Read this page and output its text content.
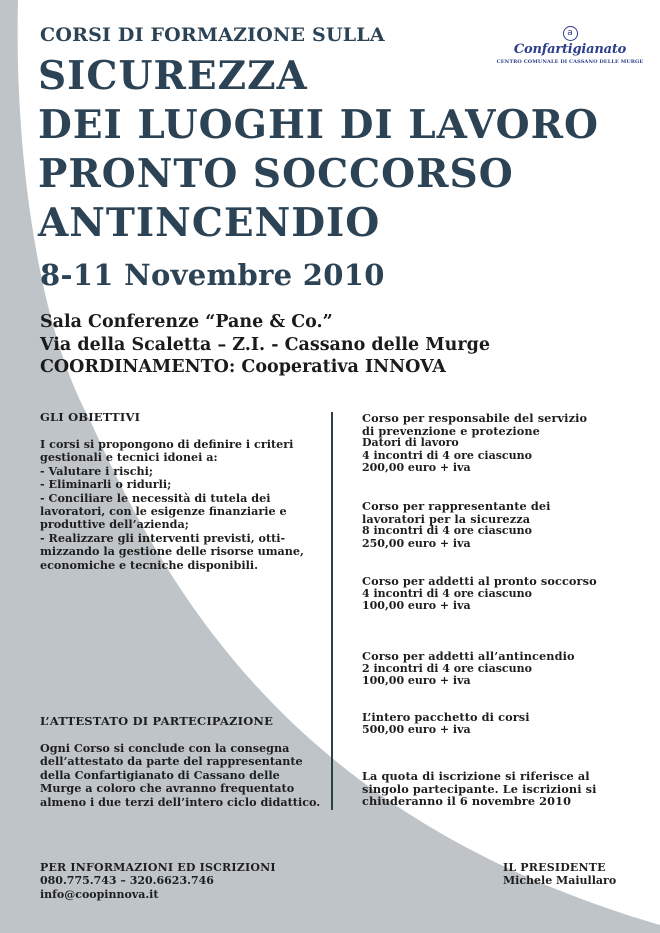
CORSI DI FORMAZIONE SULLA
SICUREZZA
DEI LUOGHI DI LAVORO
PRONTO SOCCORSO
ANTINCENDIO
a
Confartigianato
CENTRO COMUNALE DI CASSANO DELLE MURGE
8-11 Novembre 2010
Sala Conferenze “Pane & Co.”
Via della Scaletta – Z.I. - Cassano delle Murge
COORDINAMENTO: Cooperativa INNOVA
GLI OBIETTIVI
I corsi si propongono di definire i criteri
gestionali e tecnici idonei a:
- Valutare i rischi;
- Eliminarli o ridurli;
- Conciliare le necessità di tutela dei
lavoratori, con le esigenze finanziarie e
produttive dell’azienda;
- Realizzare gli interventi previsti, otti-
mizzando la gestione delle risorse umane,
economiche e tecniche disponibili.
L’ATTESTATO DI PARTECIPAZIONE
Ogni Corso si conclude con la consegna
dell’attestato da parte del rappresentante
della Confartigianato di Cassano delle
Murge a coloro che avranno frequentato
almeno i due terzi dell’intero ciclo didattico.
Corso per responsabile del servizio
di prevenzione e protezione
Datori di lavoro
4 incontri di 4 ore ciascuno
200,00 euro + iva
Corso per rappresentante dei
lavoratori per la sicurezza
8 incontri di 4 ore ciascuno
250,00 euro + iva
Corso per addetti al pronto soccorso
4 incontri di 4 ore ciascuno
100,00 euro + iva
Corso per addetti all’antincendio
2 incontri di 4 ore ciascuno
100,00 euro + iva
L’intero pacchetto di corsi
500,00 euro + iva
La quota di iscrizione si riferisce al
singolo partecipante. Le iscrizioni si
chiuderanno il 6 novembre 2010
PER INFORMAZIONI ED ISCRIZIONI
080.775.743 – 320.6623.746
info@coopinnova.it
IL PRESIDENTE
Michele Maiullaro
